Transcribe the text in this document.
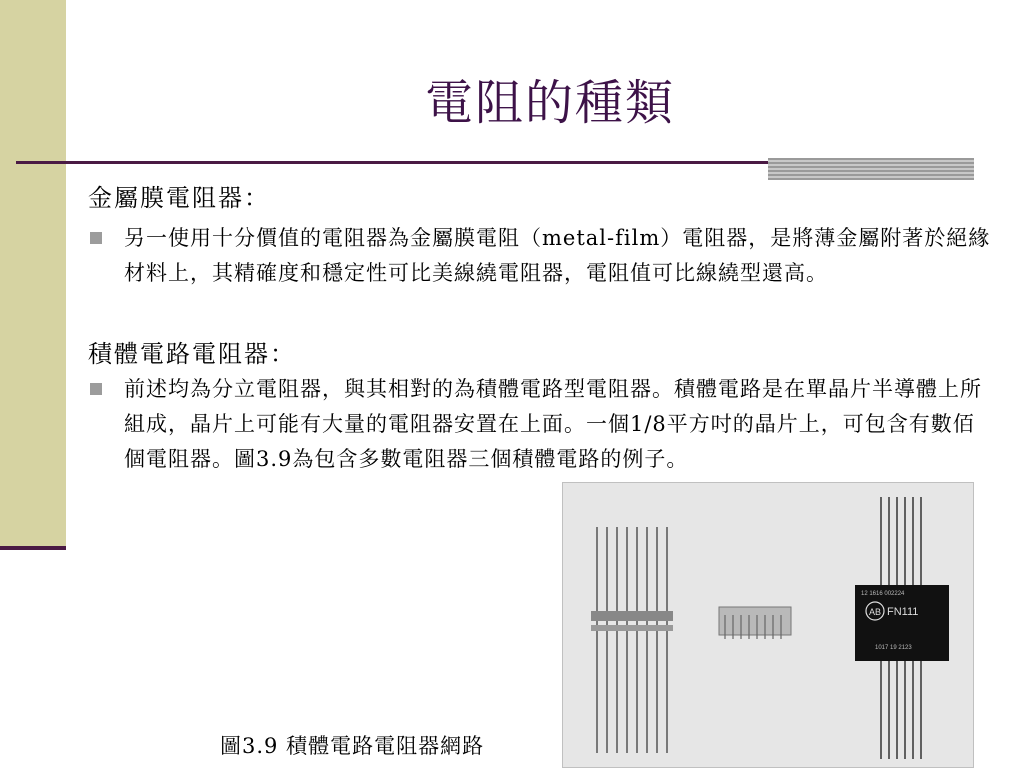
電阻的種類
金屬膜電阻器：
另一使用十分價值的電阻器為金屬膜電阻（metal-film）電阻器，是將薄金屬附著於絕緣材料上，其精確度和穩定性可比美線繞電阻器，電阻值可比線繞型還高。
積體電路電阻器：
前述均為分立電阻器，與其相對的為積體電路型電阻器。積體電路是在單晶片半導體上所組成，晶片上可能有大量的電阻器安置在上面。一個1/8平方吋的晶片上，可包含有數佰個電阻器。圖3.9為包含多數電阻器三個積體電路的例子。
AB FN111
12 1616 002224
1017 19 2123
圖3.9 積體電路電阻器網路
